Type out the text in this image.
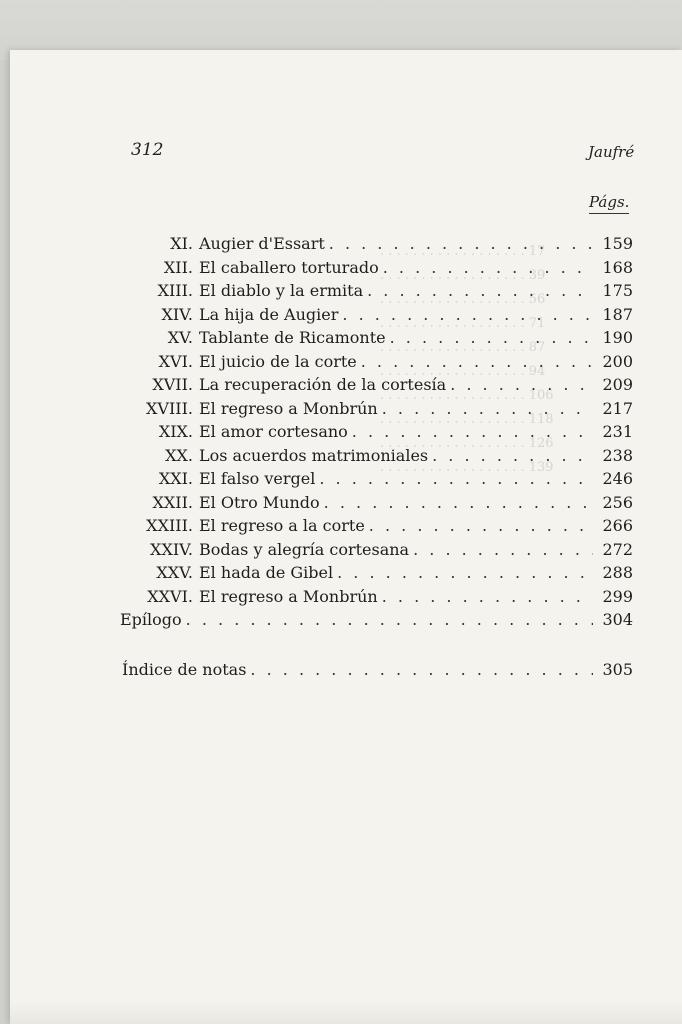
312	Jaufré
Págs.
XI. Augier d'Essart . . .	159
XII. El caballero torturado . . .	168
XIII. El diablo y la ermita . . .	175
XIV. La hija de Augier . . .	187
XV. Tablante de Ricamonte . . .	190
XVI. El juicio de la corte . . .	200
XVII. La recuperación de la cortesía . . .	209
XVIII. El regreso a Monbrún . . .	217
XIX. El amor cortesano . . .	231
XX. Los acuerdos matrimoniales . . .	238
XXI. El falso vergel . . .	246
XXII. El Otro Mundo . . .	256
XXIII. El regreso a la corte . . .	266
XXIV. Bodas y alegría cortesana . . .	272
XXV. El hada de Gibel . . .	288
XXVI. El regreso a Monbrún . . .	299
Epílogo . . .	304
Índice de notas . . .	305
